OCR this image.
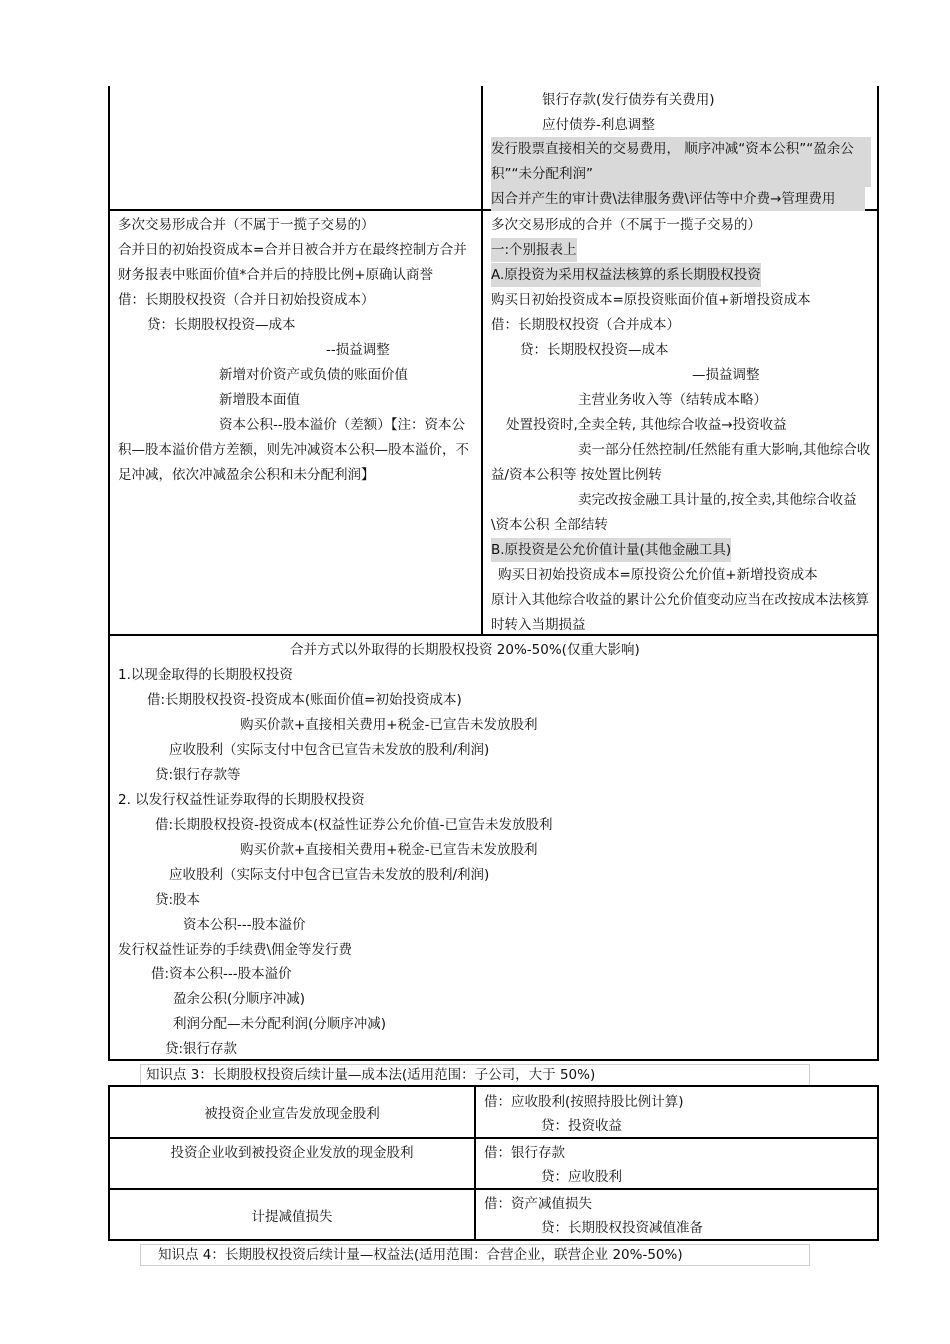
银行存款(发行债券有关费用)
应付债券-利息调整
发行股票直接相关的交易费用， 顺序冲减“资本公积”“盈余公积”“未分配利润”
因合并产生的审计费\法律服务费\评估等中介费→管理费用
多次交易形成合并（不属于一揽子交易的）
合并日的初始投资成本=合并日被合并方在最终控制方合并财务报表中账面价值*合并后的持股比例+原确认商誉
借：长期股权投资（合并日初始投资成本）
贷：长期股权投资—成本
--损益调整
新增对价资产或负债的账面价值
新增股本面值
资本公积--股本溢价（差额）【注：资本公积—股本溢价借方差额，则先冲减资本公积—股本溢价，不足冲减，依次冲减盈余公积和未分配利润】
多次交易形成的合并（不属于一揽子交易的）
一:个别报表上
A.原投资为采用权益法核算的系长期股权投资
购买日初始投资成本=原投资账面价值+新增投资成本
借：长期股权投资（合并成本）
贷：长期股权投资—成本
—损益调整
主营业务收入等（结转成本略）
处置投资时,全卖全转, 其他综合收益→投资收益
卖一部分任然控制/任然能有重大影响,其他综合收益/资本公积等 按处置比例转
卖完改按金融工具计量的,按全卖,其他综合收益\资本公积 全部结转
B.原投资是公允价值计量(其他金融工具)
购买日初始投资成本=原投资公允价值+新增投资成本
原计入其他综合收益的累计公允价值变动应当在改按成本法核算时转入当期损益
合并方式以外取得的长期股权投资 20%-50%(仅重大影响)
1.以现金取得的长期股权投资
借:长期股权投资-投资成本(账面价值=初始投资成本)
购买价款+直接相关费用+税金-已宣告未发放股利
应收股利（实际支付中包含已宣告未发放的股利/利润)
贷:银行存款等
2. 以发行权益性证券取得的长期股权投资
借:长期股权投资-投资成本(权益性证券公允价值-已宣告未发放股利
购买价款+直接相关费用+税金-已宣告未发放股利
应收股利（实际支付中包含已宣告未发放的股利/利润)
贷:股本
资本公积---股本溢价
发行权益性证券的手续费\佣金等发行费
借:资本公积---股本溢价
盈余公积(分顺序冲减)
利润分配—未分配利润(分顺序冲减)
贷:银行存款
知识点 3：长期股权投资后续计量—成本法(适用范围：子公司，大于 50%)
被投资企业宣告发放现金股利
借：应收股利(按照持股比例计算)
贷：投资收益
投资企业收到被投资企业发放的现金股利	借：银行存款
贷：应收股利
计提减值损失
借：资产减值损失
贷：长期股权投资减值准备
知识点 4：长期股权投资后续计量—权益法(适用范围：合营企业，联营企业 20%-50%)
